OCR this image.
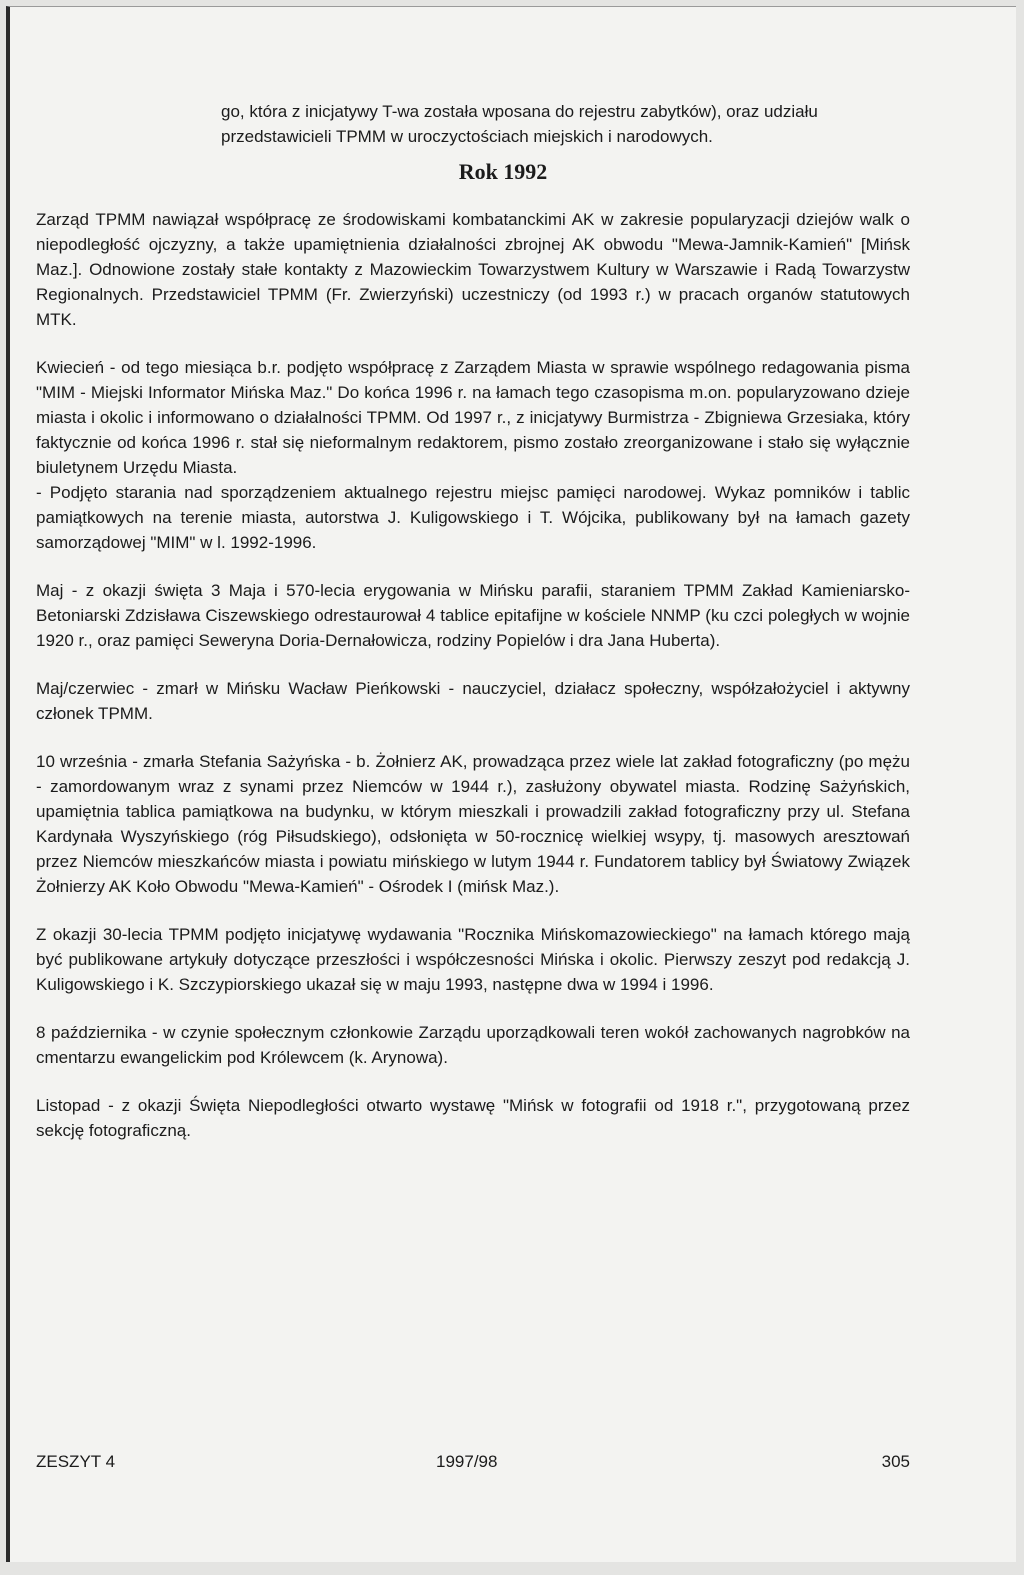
go, która z inicjatywy T-wa została wposana do rejestru zabytków), oraz udziału przedstawicieli TPMM w uroczyctościach miejskich i narodowych.

Rok 1992

Zarząd TPMM nawiązał współpracę ze środowiskami kombatanckimi AK w zakresie popularyzacji dziejów walk o niepodległość ojczyzny, a także upamiętnienia działalności zbrojnej AK obwodu "Mewa-Jamnik-Kamień" [Mińsk Maz.]. Odnowione zostały stałe kontakty z Mazowieckim Towarzystwem Kultury w Warszawie i Radą Towarzystw Regionalnych. Przedstawiciel TPMM (Fr. Zwierzyński) uczestniczy (od 1993 r.) w pracach organów statutowych MTK.

Kwiecień - od tego miesiąca b.r. podjęto współpracę z Zarządem Miasta w sprawie wspólnego redagowania pisma "MIM - Miejski Informator Mińska Maz." Do końca 1996 r. na łamach tego czasopisma m.on. popularyzowano dzieje miasta i okolic i informowano o działalności TPMM. Od 1997 r., z inicjatywy Burmistrza - Zbigniewa Grzesiaka, który faktycznie od końca 1996 r. stał się nieformalnym redaktorem, pismo zostało zreorganizowane i stało się wyłącznie biuletynem Urzędu Miasta.

- Podjęto starania nad sporządzeniem aktualnego rejestru miejsc pamięci narodowej. Wykaz pomników i tablic pamiątkowych na terenie miasta, autorstwa J. Kuligowskiego i T. Wójcika, publikowany był na łamach gazety samorządowej "MIM" w l. 1992-1996.

Maj - z okazji święta 3 Maja i 570-lecia erygowania w Mińsku parafii, staraniem TPMM Zakład Kamieniarsko-Betoniarski Zdzisława Ciszewskiego odrestaurował 4 tablice epitafijne w kościele NNMP (ku czci poległych w wojnie 1920 r., oraz pamięci Seweryna Doria-Dernałowicza, rodziny Popielów i dra Jana Huberta).

Maj/czerwiec - zmarł w Mińsku Wacław Pieńkowski - nauczyciel, działacz społeczny, współzałożyciel i aktywny członek TPMM.

10 września - zmarła Stefania Sażyńska - b. Żołnierz AK, prowadząca przez wiele lat zakład fotograficzny (po mężu - zamordowanym wraz z synami przez Niemców w 1944 r.), zasłużony obywatel miasta. Rodzinę Sażyńskich, upamiętnia tablica pamiątkowa na budynku, w którym mieszkali i prowadzili zakład fotograficzny przy ul. Stefana Kardynała Wyszyńskiego (róg Piłsudskiego), odsłonięta w 50-rocznicę wielkiej wsypy, tj. masowych aresztowań przez Niemców mieszkańców miasta i powiatu mińskiego w lutym 1944 r. Fundatorem tablicy był Światowy Związek Żołnierzy AK Koło Obwodu "Mewa-Kamień" - Ośrodek I (mińsk Maz.).

Z okazji 30-lecia TPMM podjęto inicjatywę wydawania "Rocznika Mińskomazowieckiego" na łamach którego mają być publikowane artykuły dotyczące przeszłości i współczesności Mińska i okolic. Pierwszy zeszyt pod redakcją J. Kuligowskiego i K. Szczypiorskiego ukazał się w maju 1993, następne dwa w 1994 i 1996.

8 października - w czynie społecznym członkowie Zarządu uporządkowali teren wokół zachowanych nagrobków na cmentarzu ewangelickim pod Królewcem (k. Arynowa).

Listopad - z okazji Święta Niepodległości otwarto wystawę "Mińsk w fotografii od 1918 r.", przygotowaną przez sekcję fotograficzną.

ZESZYT 4	1997/98	305
